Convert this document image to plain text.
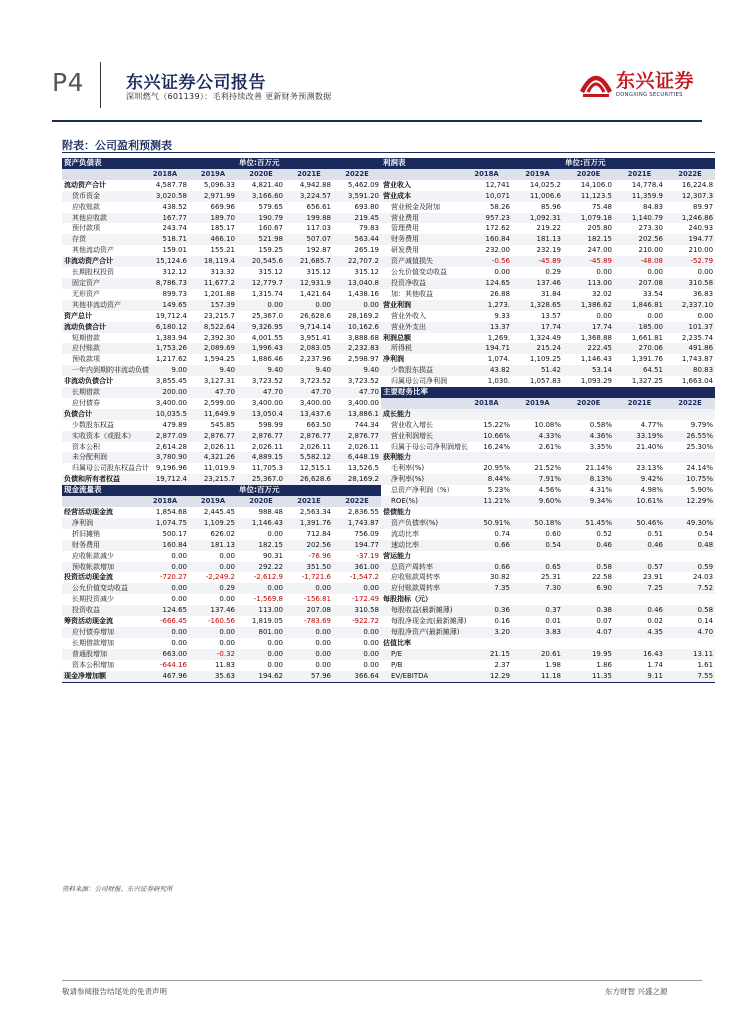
P4 东兴证券公司报告
深圳燃气（601139）：毛利持续改善 更新财务预测数据
东兴证券
DONGXING SECURITIES
附表：公司盈利预测表
资产负债表			单位:百万元			利润表			单位:百万元		
	2018A	2019A	2020E	2021E	2022E		2018A	2019A	2020E	2021E	2022E
流动资产合计	4,587.78	5,096.33	4,821.40	4,942.88	5,462.09	营业收入	12,741	14,025.2	14,106.0	14,778.4	16,224.8
货币资金	3,020.58	2,971.99	3,166.60	3,224.57	3,591.20	营业成本	10,071	11,006.6	11,123.5	11,359.9	12,307.3
应收账款	438.52	669.96	579.65	656.61	693.80	营业税金及附加	58.26	85.96	75.48	84.83	89.97
其他应收款	167.77	189.70	190.79	199.88	219.45	营业费用	957.23	1,092.31	1,079.18	1,140.79	1,246.86
预付款项	243.74	185.17	160.67	117.03	79.83	管理费用	172.62	219.22	205.80	273.30	240.93
存货	518.71	466.10	521.98	507.07	563.44	财务费用	160.84	181.13	182.15	202.56	194.77
其他流动资产	159.01	155.21	159.25	192.87	265.19	研发费用	232.00	232.19	247.00	210.00	210.00
非流动资产合计	15,124.6	18,119.4	20,545.6	21,685.7	22,707.2	资产减值损失	-0.56	-45.89	-45.89	-48.08	-52.79
长期股权投资	312.12	313.32	315.12	315.12	315.12	公允价值变动收益	0.00	0.29	0.00	0.00	0.00
固定资产	8,786.73	11,677.2	12,779.7	12,931.9	13,040.8	投资净收益	124.65	137.46	113.00	207.08	310.58
无形资产	899.73	1,201.88	1,315.74	1,421.64	1,438.16	加：其他收益	26.88	31.84	32.02	33.54	36.83
其他非流动资产	149.65	157.39	0.00	0.00	0.00	营业利润	1,273.	1,328.65	1,386.62	1,846.81	2,337.10
资产总计	19,712.4	23,215.7	25,367.0	26,628.6	28,169.2	营业外收入	9.33	13.57	0.00	0.00	0.00
流动负债合计	6,180.12	8,522.64	9,326.95	9,714.14	10,162.6	营业外支出	13.37	17.74	17.74	185.00	101.37
短期借款	1,383.94	2,392.30	4,001.55	3,951.41	3,888.68	利润总额	1,269.	1,324.49	1,368.88	1,661.81	2,235.74
应付账款	1,753.26	2,089.69	1,996.43	2,083.05	2,232.83	所得税	194.71	215.24	222.45	270.06	491.86
预收款项	1,217.62	1,594.25	1,886.46	2,237.96	2,598.97	净利润	1,074.	1,109.25	1,146.43	1,391.76	1,743.87
一年内到期的非流动负债	9.00	9.40	9.40	9.40	9.40	少数股东损益	43.82	51.42	53.14	64.51	80.83
非流动负债合计	3,855.45	3,127.31	3,723.52	3,723.52	3,723.52	归属母公司净利润	1,030.	1,057.83	1,093.29	1,327.25	1,663.04
长期借款	200.00	47.70	47.70	47.70	47.70	主要财务比率					
应付债券	3,400.00	2,599.00	3,400.00	3,400.00	3,400.00		2018A	2019A	2020E	2021E	2022E
负债合计	10,035.5	11,649.9	13,050.4	13,437.6	13,886.1	成长能力					
少数股东权益	479.89	545.85	598.99	663.50	744.34	营业收入增长	15.22%	10.08%	0.58%	4.77%	9.79%
实收资本（或股本）	2,877.09	2,876.77	2,876.77	2,876.77	2,876.77	营业利润增长	10.66%	4.33%	4.36%	33.19%	26.55%
资本公积	2,614.28	2,026.11	2,026.11	2,026.11	2,026.11	归属于母公司净利润增长	16.24%	2.61%	3.35%	21.40%	25.30%
未分配利润	3,780.90	4,321.26	4,889.15	5,582.12	6,448.19	获利能力					
归属母公司股东权益合计	9,196.96	11,019.9	11,705.3	12,515.1	13,526.5	毛利率(%)	20.95%	21.52%	21.14%	23.13%	24.14%
负债和所有者权益	19,712.4	23,215.7	25,367.0	26,628.6	28,169.2	净利率(%)	8.44%	7.91%	8.13%	9.42%	10.75%
现金流量表			单位:百万元			总资产净利润（%）	5.23%	4.56%	4.31%	4.98%	5.90%
	2018A	2019A	2020E	2021E	2022E	ROE(%)	11.21%	9.60%	9.34%	10.61%	12.29%
经营活动现金流	1,854.68	2,445.45	988.48	2,563.34	2,836.55	偿债能力					
净利润	1,074.75	1,109.25	1,146.43	1,391.76	1,743.87	资产负债率(%)	50.91%	50.18%	51.45%	50.46%	49.30%
折旧摊销	500.17	626.02	0.00	712.84	756.09	流动比率	0.74	0.60	0.52	0.51	0.54
财务费用	160.84	181.13	182.15	202.56	194.77	速动比率	0.66	0.54	0.46	0.46	0.48
应收帐款减少	0.00	0.00	90.31	-76.96	-37.19	营运能力					
预收帐款增加	0.00	0.00	292.22	351.50	361.00	总资产周转率	0.66	0.65	0.58	0.57	0.59
投资活动现金流	-720.27	-2,249.2	-2,612.9	-1,721.6	-1,547.2	应收账款周转率	30.82	25.31	22.58	23.91	24.03
公允价值变动收益	0.00	0.29	0.00	0.00	0.00	应付账款周转率	7.35	7.30	6.90	7.25	7.52
长期投资减少	0.00	0.00	-1,569.8	-156.81	-172.49	每股指标（元）					
投资收益	124.65	137.46	113.00	207.08	310.58	每股收益(最新摊薄)	0.36	0.37	0.38	0.46	0.58
筹资活动现金流	-666.45	-160.56	1,819.05	-783.69	-922.72	每股净现金流(最新摊薄)	0.16	0.01	0.07	0.02	0.14
应付债券增加	0.00	0.00	801.00	0.00	0.00	每股净资产(最新摊薄)	3.20	3.83	4.07	4.35	4.70
长期借款增加	0.00	0.00	0.00	0.00	0.00	估值比率					
普通股增加	663.00	-0.32	0.00	0.00	0.00	P/E	21.15	20.61	19.95	16.43	13.11
资本公积增加	-644.16	11.83	0.00	0.00	0.00	P/B	2.37	1.98	1.86	1.74	1.61
现金净增加额	467.96	35.63	194.62	57.96	366.64	EV/EBITDA	12.29	11.18	11.35	9.11	7.55
资料来源：公司财报、东兴证券研究所
敬请参阅报告结尾处的免责声明	东方财智 兴盛之源
